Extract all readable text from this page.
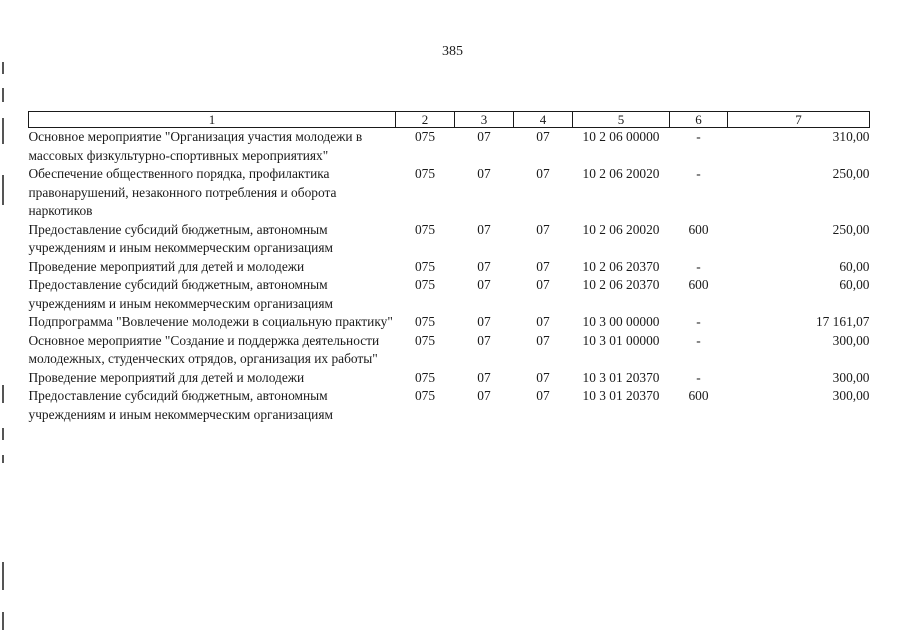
385
1	2	3	4	5	6	7
Основное мероприятие "Организация участия молодежи в массовых физкультурно-спортивных мероприятиях"	075	07	07	10 2 06 00000	-	310,00
Обеспечение общественного порядка, профилактика правонарушений, незаконного потребления и оборота наркотиков	075	07	07	10 2 06 20020	-	250,00
Предоставление субсидий бюджетным, автономным учреждениям и иным некоммерческим организациям	075	07	07	10 2 06 20020	600	250,00
Проведение мероприятий для детей и молодежи	075	07	07	10 2 06 20370	-	60,00
Предоставление субсидий бюджетным, автономным учреждениям и иным некоммерческим организациям	075	07	07	10 2 06 20370	600	60,00
Подпрограмма "Вовлечение молодежи в социальную практику"	075	07	07	10 3 00 00000	-	17 161,07
Основное мероприятие "Создание и поддержка деятельности молодежных, студенческих отрядов, организация их работы"	075	07	07	10 3 01 00000	-	300,00
Проведение мероприятий для детей и молодежи	075	07	07	10 3 01 20370	-	300,00
Предоставление субсидий бюджетным, автономным учреждениям и иным некоммерческим организациям	075	07	07	10 3 01 20370	600	300,00
